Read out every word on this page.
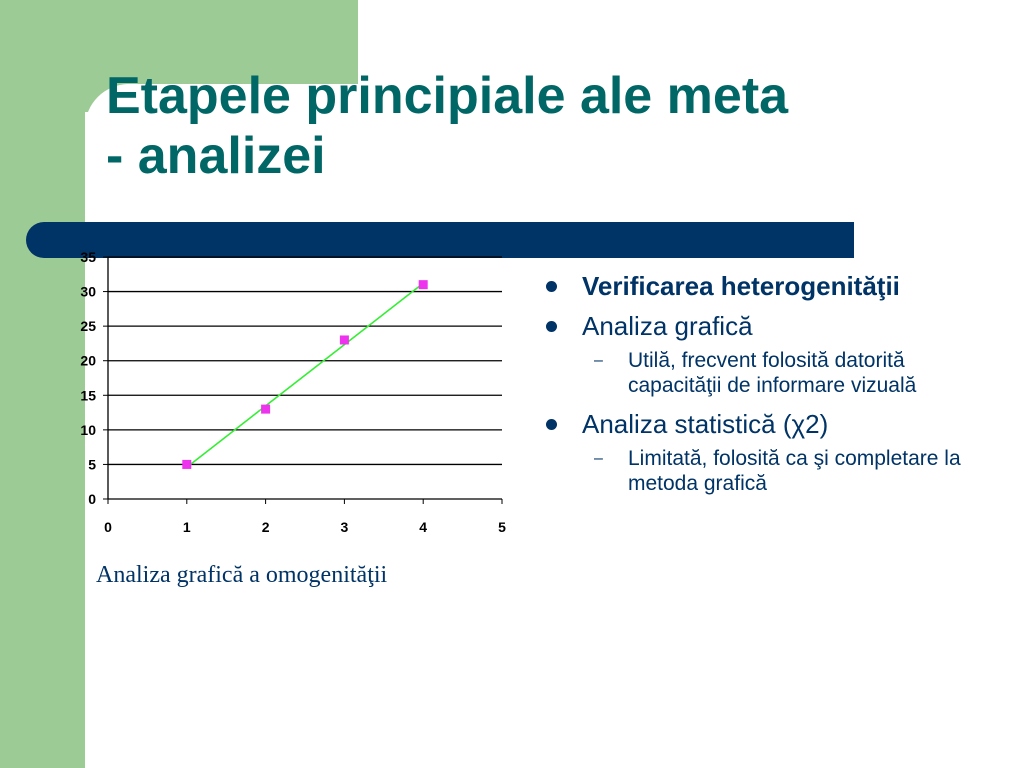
Etapele principiale ale meta
- analizei
0
5
10
15
20
25
30
35
0	1	2	3	4	5
Analiza grafică a omogenităţii
Verificarea heterogenităţii
Analiza grafică
– Utilă, frecvent folosită datorită capacităţii de informare vizuală
Analiza statistică (χ2)
– Limitată, folosită ca şi completare la metoda grafică
